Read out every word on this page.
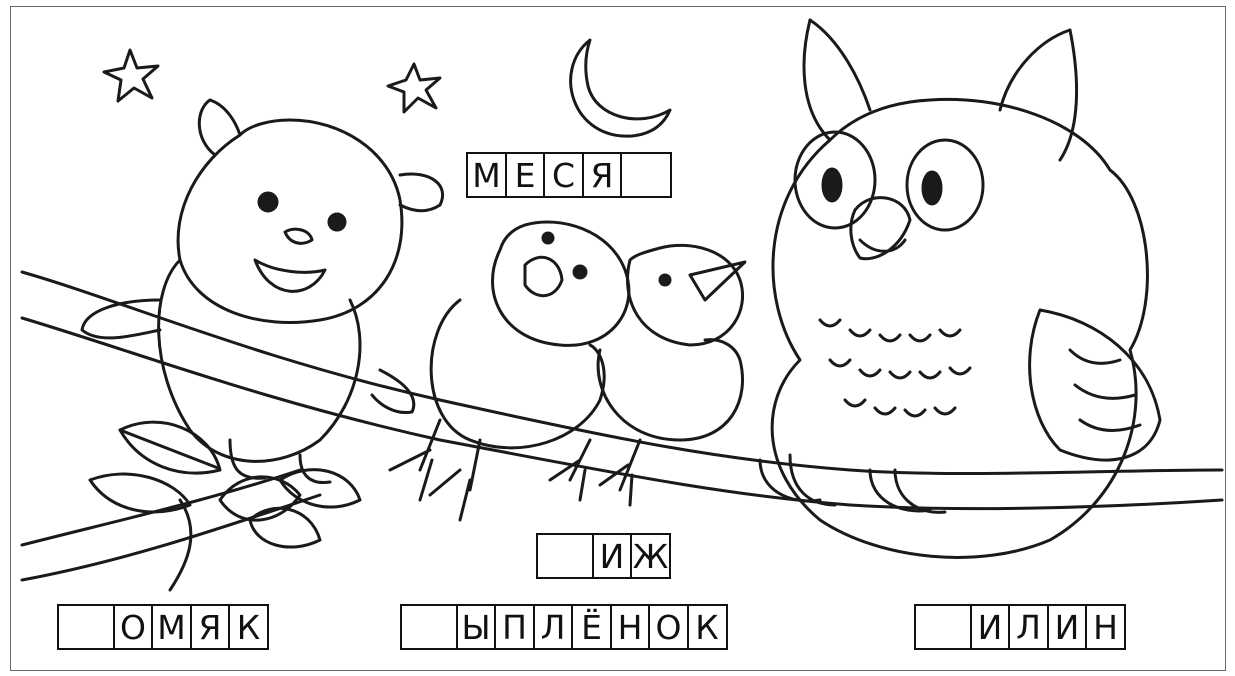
М Е С Я
И Ж
О М Я К	Ы П Л Ё Н О К	И Л И Н
